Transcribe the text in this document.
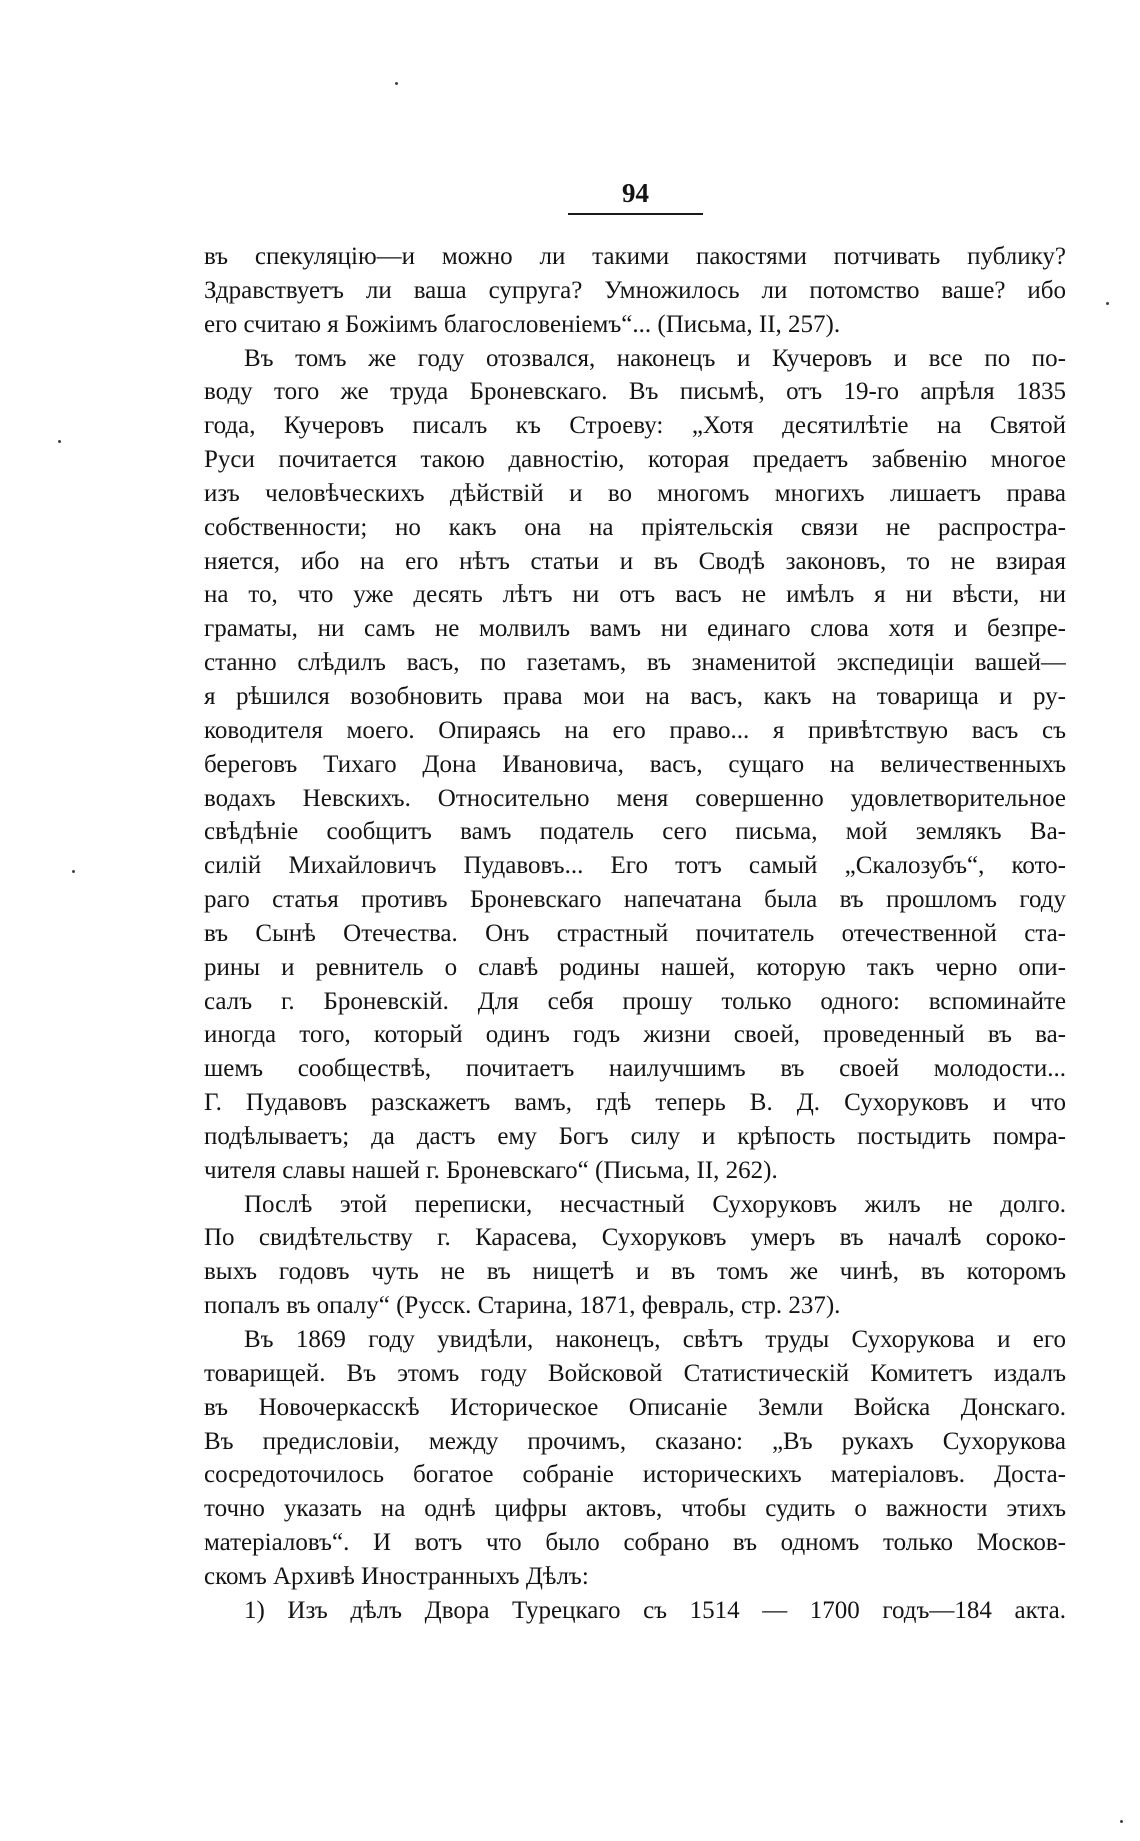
94
въ спекуляцію—и можно ли такими пакостями потчивать публику?
Здравствуетъ ли ваша супруга? Умножилось ли потомство ваше? ибо
его считаю я Божіимъ благословеніемъ“... (Письма, II, 257).
Въ томъ же году отозвался, наконецъ и Кучеровъ и все по по-
воду того же труда Броневскаго. Въ письмѣ, отъ 19-го апрѣля 1835
года, Кучеровъ писалъ къ Строеву: „Хотя десятилѣтіе на Святой
Руси почитается такою давностію, которая предаетъ забвенію многое
изъ человѣческихъ дѣйствій и во многомъ многихъ лишаетъ права
собственности; но какъ она на пріятельскія связи не распростра-
няется, ибо на его нѣтъ статьи и въ Сводѣ законовъ, то не взирая
на то, что уже десять лѣтъ ни отъ васъ не имѣлъ я ни вѣсти, ни
граматы, ни самъ не молвилъ вамъ ни единаго слова хотя и безпре-
станно слѣдилъ васъ, по газетамъ, въ знаменитой экспедиціи вашей—
я рѣшился возобновить права мои на васъ, какъ на товарища и ру-
ководителя моего. Опираясь на его право... я привѣтствую васъ съ
береговъ Тихаго Дона Ивановича, васъ, сущаго на величественныхъ
водахъ Невскихъ. Относительно меня совершенно удовлетворительное
свѣдѣніе сообщитъ вамъ податель сего письма, мой землякъ Ва-
силій Михайловичъ Пудавовъ... Его тотъ самый „Скалозубъ“, кото-
раго статья противъ Броневскаго напечатана была въ прошломъ году
въ Сынѣ Отечества. Онъ страстный почитатель отечественной ста-
рины и ревнитель о славѣ родины нашей, которую такъ черно опи-
салъ г. Броневскій. Для себя прошу только одного: вспоминайте
иногда того, который одинъ годъ жизни своей, проведенный въ ва-
шемъ сообществѣ, почитаетъ наилучшимъ въ своей молодости...
Г. Пудавовъ разскажетъ вамъ, гдѣ теперь В. Д. Сухоруковъ и что
подѣлываетъ; да дастъ ему Богъ силу и крѣпость постыдить помра-
чителя славы нашей г. Броневскаго“ (Письма, II, 262).
Послѣ этой переписки, несчастный Сухоруковъ жилъ не долго.
По свидѣтельству г. Карасева, Сухоруковъ умеръ въ началѣ сороко-
выхъ годовъ чуть не въ нищетѣ и въ томъ же чинѣ, въ которомъ
попалъ въ опалу“ (Русск. Старина, 1871, февраль, стр. 237).
Въ 1869 году увидѣли, наконецъ, свѣтъ труды Сухорукова и его
товарищей. Въ этомъ году Войсковой Статистическій Комитетъ издалъ
въ Новочеркасскѣ Историческое Описаніе Земли Войска Донскаго.
Въ предисловіи, между прочимъ, сказано: „Въ рукахъ Сухорукова
сосредоточилось богатое собраніе историческихъ матеріаловъ. Доста-
точно указать на однѣ цифры актовъ, чтобы судить о важности этихъ
матеріаловъ“. И вотъ что было собрано въ одномъ только Москов-
скомъ Архивѣ Иностранныхъ Дѣлъ:
1) Изъ дѣлъ Двора Турецкаго съ 1514 — 1700 годъ—184 акта.
